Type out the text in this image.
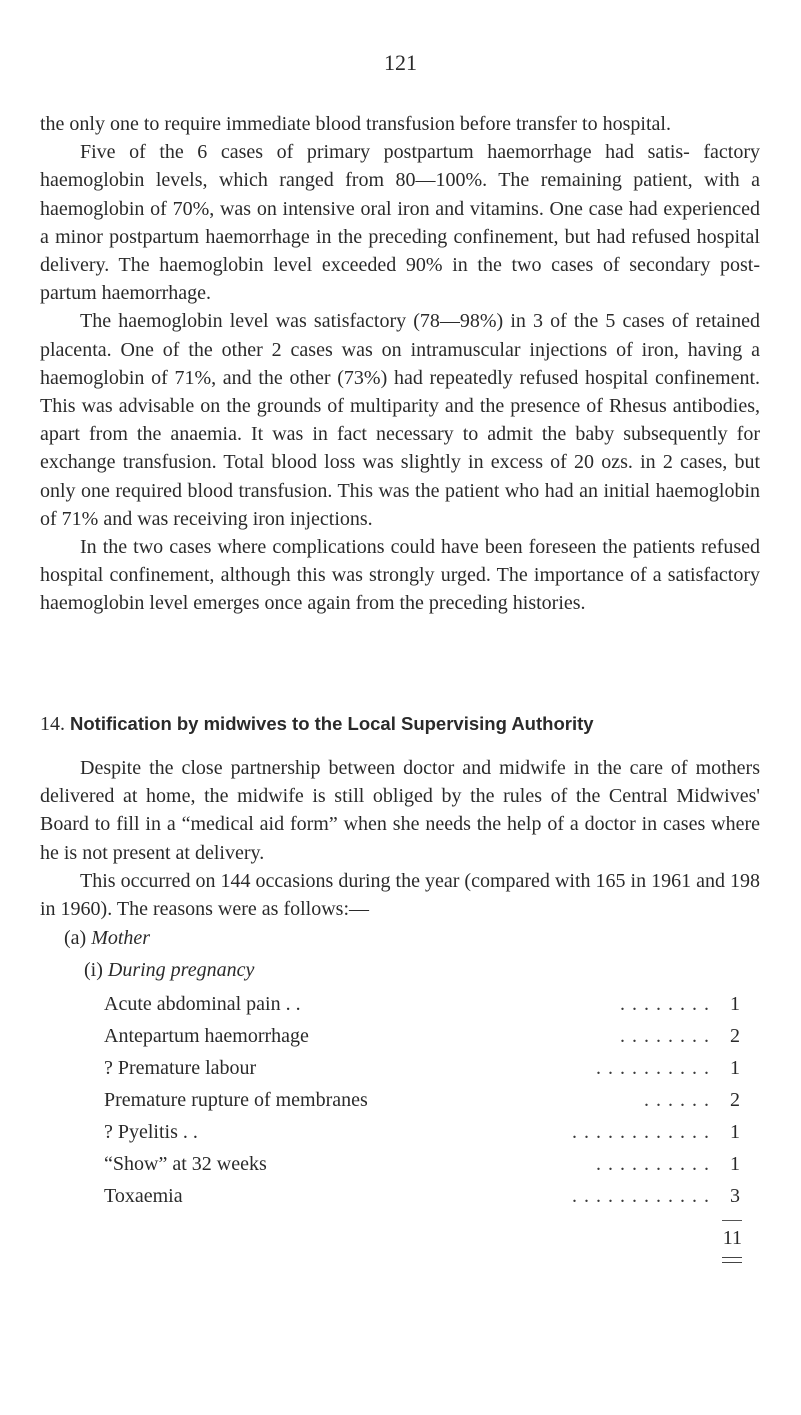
121

the only one to require immediate blood transfusion before transfer to hospital.

Five of the 6 cases of primary postpartum haemorrhage had satis- factory haemoglobin levels, which ranged from 80—100%. The remaining patient, with a haemoglobin of 70%, was on intensive oral iron and vitamins. One case had experienced a minor postpartum haemorrhage in the preceding confinement, but had refused hospital delivery. The haemoglobin level exceeded 90% in the two cases of secondary post- partum haemorrhage.

The haemoglobin level was satisfactory (78—98%) in 3 of the 5 cases of retained placenta. One of the other 2 cases was on intramuscular injections of iron, having a haemoglobin of 71%, and the other (73%) had repeatedly refused hospital confinement. This was advisable on the grounds of multiparity and the presence of Rhesus antibodies, apart from the anaemia. It was in fact necessary to admit the baby subsequently for exchange transfusion. Total blood loss was slightly in excess of 20 ozs. in 2 cases, but only one required blood transfusion. This was the patient who had an initial haemoglobin of 71% and was receiving iron injections.

In the two cases where complications could have been foreseen the patients refused hospital confinement, although this was strongly urged. The importance of a satisfactory haemoglobin level emerges once again from the preceding histories.

14. Notification by midwives to the Local Supervising Authority

Despite the close partnership between doctor and midwife in the care of mothers delivered at home, the midwife is still obliged by the rules of the Central Midwives' Board to fill in a “medical aid form” when she needs the help of a doctor in cases where he is not present at delivery.

This occurred on 144 occasions during the year (compared with 165 in 1961 and 198 in 1960). The reasons were as follows:—

(a) Mother
(i) During pregnancy
. . . . . . . .
Acute abdominal pain . .	1
. . . . . . . .
Antepartum haemorrhage	2
. . . . . . . . . .
? Premature labour	1
. . . . . .
Premature rupture of membranes	2
. . . . . . . . . . . .
? Pyelitis . .	1
. . . . . . . . . .
“Show” at 32 weeks	1
. . . . . . . . . . . .
Toxaemia	3
11
